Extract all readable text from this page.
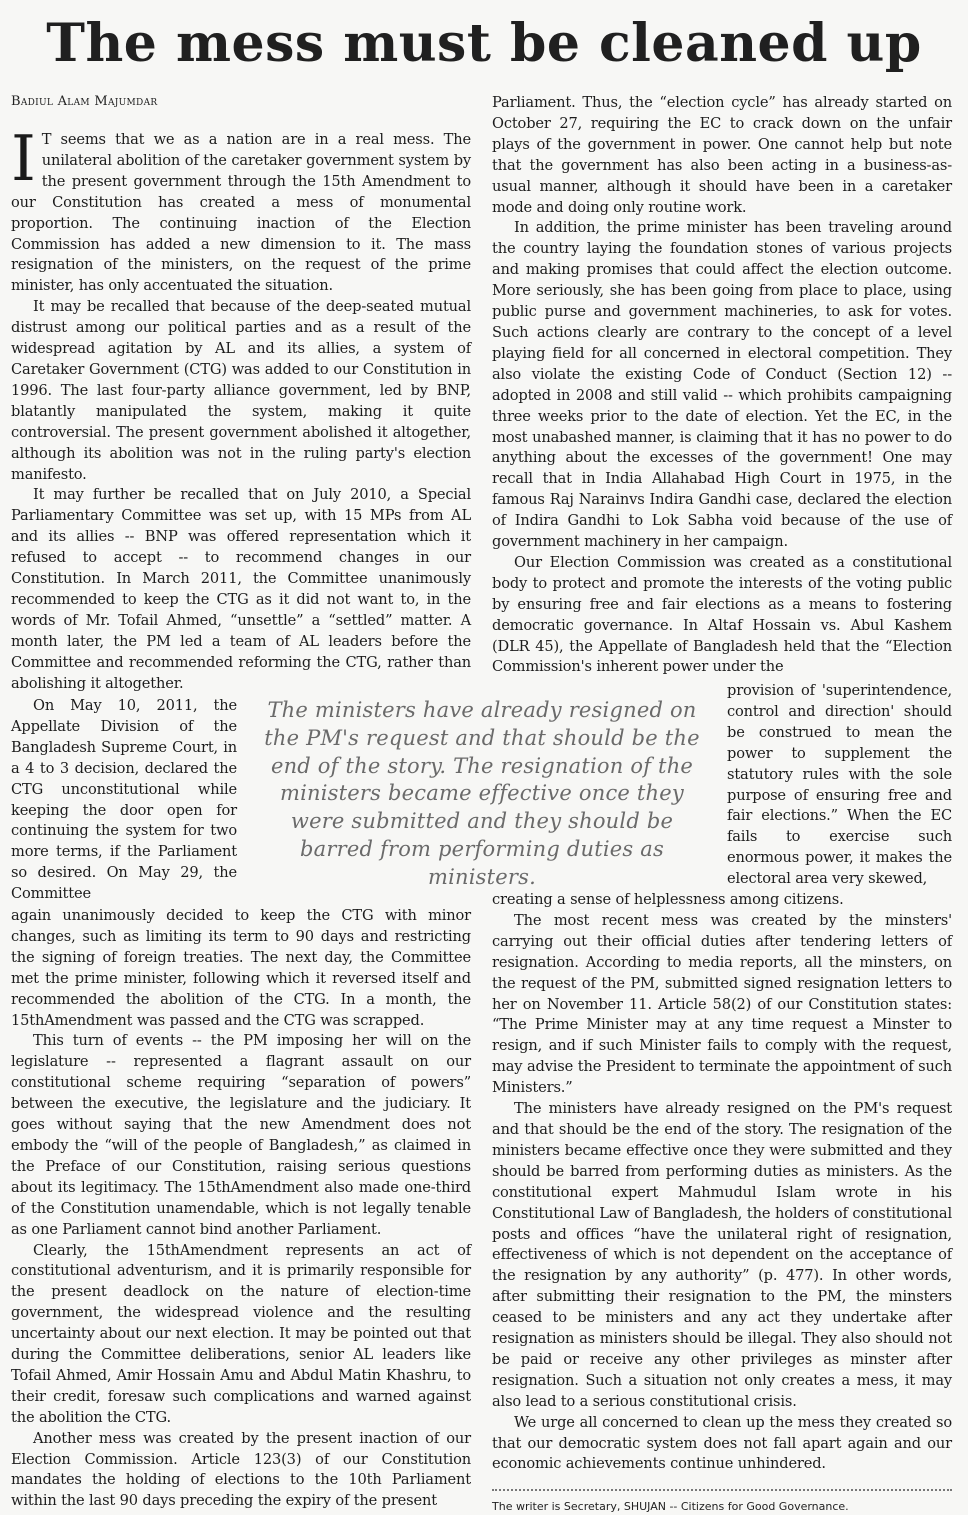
The mess must be cleaned up
Badiul Alam Majumdar

I T seems that we as a nation are in a real mess. The unilateral abolition of the caretaker government system by the present government through the 15th Amendment to our Constitution has created a mess of monumental proportion. The continuing inaction of the Election Commission has added a new dimension to it. The mass resignation of the ministers, on the request of the prime minister, has only accentuated the situation.

It may be recalled that because of the deep-seated mutual distrust among our political parties and as a result of the widespread agitation by AL and its allies, a system of Caretaker Government (CTG) was added to our Constitution in 1996. The last four-party alliance government, led by BNP, blatantly manipulated the system, making it quite controversial. The present government abolished it altogether, although its abolition was not in the ruling party's election manifesto.

It may further be recalled that on July 2010, a Special Parliamentary Committee was set up, with 15 MPs from AL and its allies -- BNP was offered representation which it refused to accept -- to recommend changes in our Constitution. In March 2011, the Committee unanimously recommended to keep the CTG as it did not want to, in the words of Mr. Tofail Ahmed, “unsettle” a “settled” matter. A month later, the PM led a team of AL leaders before the Committee and recommended reforming the CTG, rather than abolishing it altogether.

On May 10, 2011, the Appellate Division of the Bangladesh Supreme Court, in a 4 to 3 decision, declared the CTG unconstitutional while keeping the door open for continuing the system for two more terms, if the Parliament so desired. On May 29, the Committee

The ministers have already resigned on the PM's request and that should be the end of the story. The resignation of the ministers became effective once they were submitted and they should be barred from performing duties as ministers.

again unanimously decided to keep the CTG with minor changes, such as limiting its term to 90 days and restricting the signing of foreign treaties. The next day, the Committee met the prime minister, following which it reversed itself and recommended the abolition of the CTG. In a month, the 15thAmendment was passed and the CTG was scrapped.

This turn of events -- the PM imposing her will on the legislature -- represented a flagrant assault on our constitutional scheme requiring “separation of powers” between the executive, the legislature and the judiciary. It goes without saying that the new Amendment does not embody the “will of the people of Bangladesh,” as claimed in the Preface of our Constitution, raising serious questions about its legitimacy. The 15thAmendment also made one-third of the Constitution unamendable, which is not legally tenable as one Parliament cannot bind another Parliament.

Clearly, the 15thAmendment represents an act of constitutional adventurism, and it is primarily responsible for the present deadlock on the nature of election-time government, the widespread violence and the resulting uncertainty about our next election. It may be pointed out that during the Committee deliberations, senior AL leaders like Tofail Ahmed, Amir Hossain Amu and Abdul Matin Khashru, to their credit, foresaw such complications and warned against the abolition the CTG.

Another mess was created by the present inaction of our Election Commission. Article 123(3) of our Constitution mandates the holding of elections to the 10th Parliament within the last 90 days preceding the expiry of the present

Parliament. Thus, the “election cycle” has already started on October 27, requiring the EC to crack down on the unfair plays of the government in power. One cannot help but note that the government has also been acting in a business-as-usual manner, although it should have been in a caretaker mode and doing only routine work.

In addition, the prime minister has been traveling around the country laying the foundation stones of various projects and making promises that could affect the election outcome. More seriously, she has been going from place to place, using public purse and government machineries, to ask for votes. Such actions clearly are contrary to the concept of a level playing field for all concerned in electoral competition. They also violate the existing Code of Conduct (Section 12) -- adopted in 2008 and still valid -- which prohibits campaigning three weeks prior to the date of election. Yet the EC, in the most unabashed manner, is claiming that it has no power to do anything about the excesses of the government! One may recall that in India Allahabad High Court in 1975, in the famous Raj Narainvs Indira Gandhi case, declared the election of Indira Gandhi to Lok Sabha void because of the use of government machinery in her campaign.

Our Election Commission was created as a constitutional body to protect and promote the interests of the voting public by ensuring free and fair elections as a means to fostering democratic governance. In Altaf Hossain vs. Abul Kashem (DLR 45), the Appellate of Bangladesh held that the “Election Commission's inherent power under the

provision of 'superintendence, control and direction' should be construed to mean the power to supplement the statutory rules with the sole purpose of ensuring free and fair elections.” When the EC fails to exercise such enormous power, it makes the electoral area very skewed,

creating a sense of helplessness among citizens.

The most recent mess was created by the minsters' carrying out their official duties after tendering letters of resignation. According to media reports, all the minsters, on the request of the PM, submitted signed resignation letters to her on November 11. Article 58(2) of our Constitution states: “The Prime Minister may at any time request a Minster to resign, and if such Minister fails to comply with the request, may advise the President to terminate the appointment of such Ministers.”

The ministers have already resigned on the PM's request and that should be the end of the story. The resignation of the ministers became effective once they were submitted and they should be barred from performing duties as ministers. As the constitutional expert Mahmudul Islam wrote in his Constitutional Law of Bangladesh, the holders of constitutional posts and offices “have the unilateral right of resignation, effectiveness of which is not dependent on the acceptance of the resignation by any authority” (p. 477). In other words, after submitting their resignation to the PM, the minsters ceased to be ministers and any act they undertake after resignation as ministers should be illegal. They also should not be paid or receive any other privileges as minster after resignation. Such a situation not only creates a mess, it may also lead to a serious constitutional crisis.

We urge all concerned to clean up the mess they created so that our democratic system does not fall apart again and our economic achievements continue unhindered.

The writer is Secretary, SHUJAN -- Citizens for Good Governance.
